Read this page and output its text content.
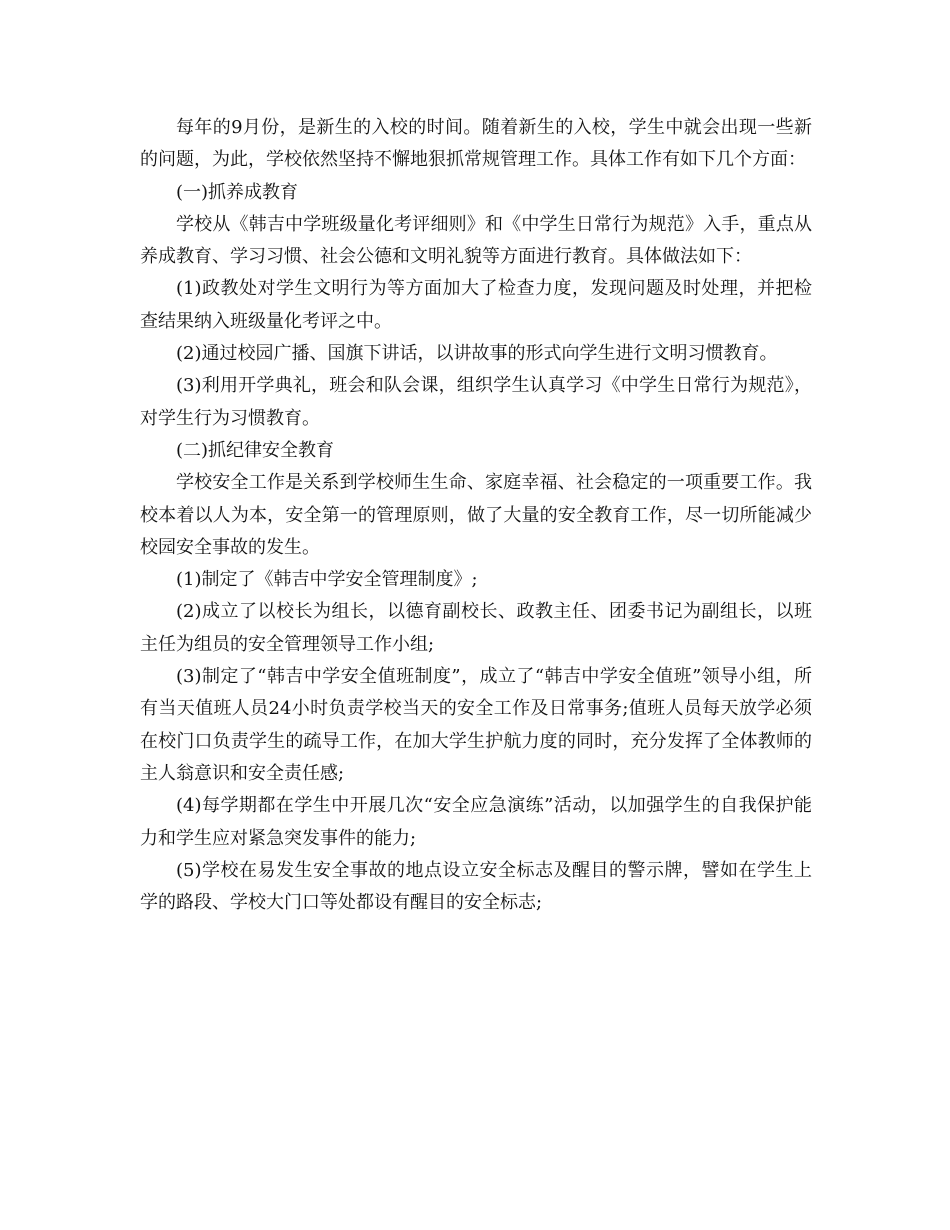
每年的9月份，是新生的入校的时间。随着新生的入校，学生中就会出现一些新的问题，为此，学校依然坚持不懈地狠抓常规管理工作。具体工作有如下几个方面：

(一)抓养成教育

学校从《韩吉中学班级量化考评细则》和《中学生日常行为规范》入手，重点从养成教育、学习习惯、社会公德和文明礼貌等方面进行教育。具体做法如下：

(1)政教处对学生文明行为等方面加大了检查力度，发现问题及时处理，并把检查结果纳入班级量化考评之中。

(2)通过校园广播、国旗下讲话，以讲故事的形式向学生进行文明习惯教育。

(3)利用开学典礼，班会和队会课，组织学生认真学习《中学生日常行为规范》，对学生行为习惯教育。

(二)抓纪律安全教育

学校安全工作是关系到学校师生生命、家庭幸福、社会稳定的一项重要工作。我校本着以人为本，安全第一的管理原则，做了大量的安全教育工作，尽一切所能减少校园安全事故的发生。

(1)制定了《韩吉中学安全管理制度》;

(2)成立了以校长为组长，以德育副校长、政教主任、团委书记为副组长，以班主任为组员的安全管理领导工作小组;

(3)制定了“韩吉中学安全值班制度”，成立了“韩吉中学安全值班”领导小组，所有当天值班人员24小时负责学校当天的安全工作及日常事务;值班人员每天放学必须在校门口负责学生的疏导工作，在加大学生护航力度的同时，充分发挥了全体教师的主人翁意识和安全责任感;

(4)每学期都在学生中开展几次“安全应急演练”活动，以加强学生的自我保护能力和学生应对紧急突发事件的能力;

(5)学校在易发生安全事故的地点设立安全标志及醒目的警示牌，譬如在学生上学的路段、学校大门口等处都设有醒目的安全标志;
